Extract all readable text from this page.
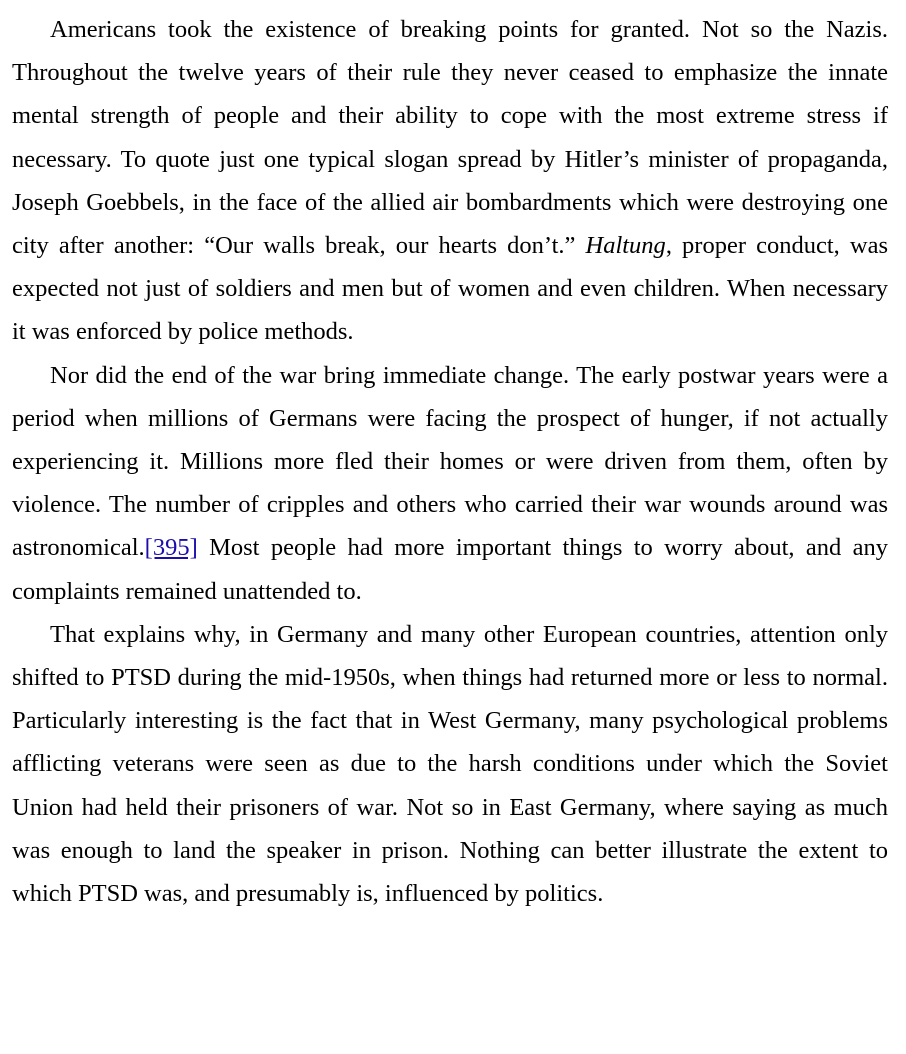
Americans took the existence of breaking points for granted. Not so the Nazis. Throughout the twelve years of their rule they never ceased to emphasize the innate mental strength of people and their ability to cope with the most extreme stress if necessary. To quote just one typical slogan spread by Hitler’s minister of propaganda, Joseph Goebbels, in the face of the allied air bombardments which were destroying one city after another: “Our walls break, our hearts don’t.” Haltung, proper conduct, was expected not just of soldiers and men but of women and even children. When necessary it was enforced by police methods.

Nor did the end of the war bring immediate change. The early postwar years were a period when millions of Germans were facing the prospect of hunger, if not actually experiencing it. Millions more fled their homes or were driven from them, often by violence. The number of cripples and others who carried their war wounds around was astronomical.[395] Most people had more important things to worry about, and any complaints remained unattended to.

That explains why, in Germany and many other European countries, attention only shifted to PTSD during the mid-1950s, when things had returned more or less to normal. Particularly interesting is the fact that in West Germany, many psychological problems afflicting veterans were seen as due to the harsh conditions under which the Soviet Union had held their prisoners of war. Not so in East Germany, where saying as much was enough to land the speaker in prison. Nothing can better illustrate the extent to which PTSD was, and presumably is, influenced by politics.
